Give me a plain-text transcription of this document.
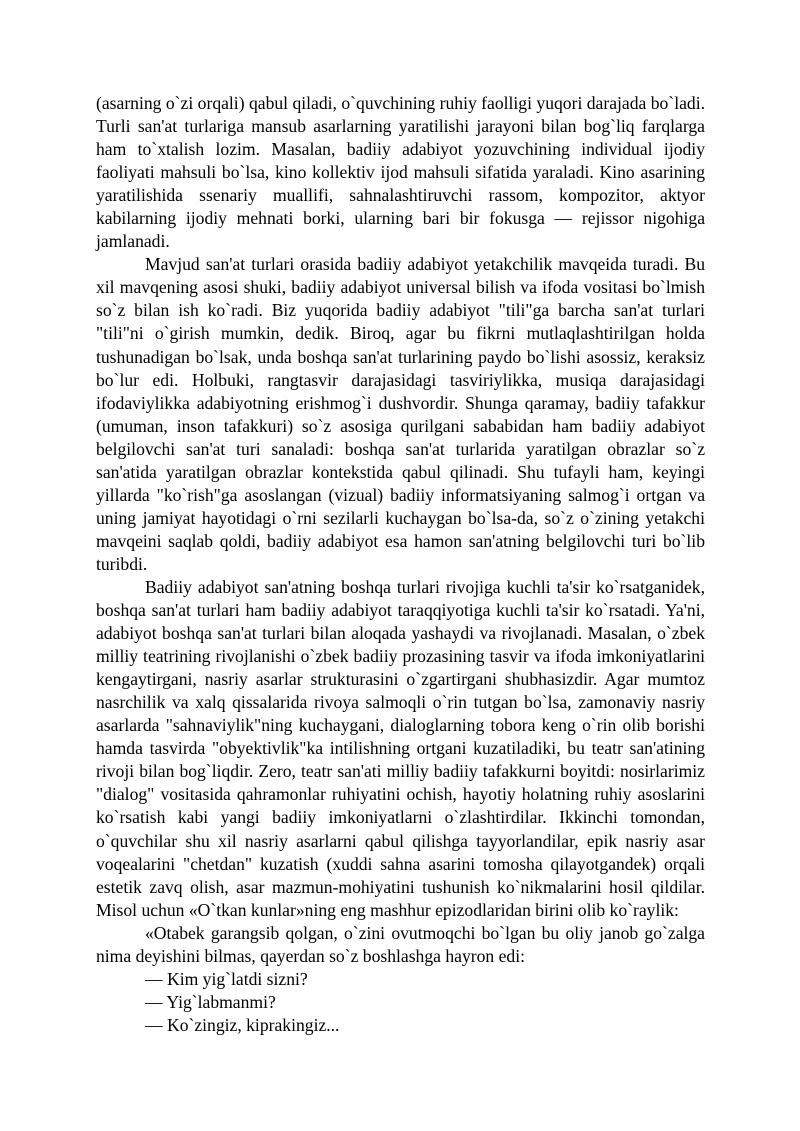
(asarning o`zi orqali) qabul qiladi, o`quvchining ruhiy faolligi yuqori darajada bo`ladi. Turli san'at turlariga mansub asarlarning yaratilishi jarayoni bilan bog`liq farqlarga ham to`xtalish lozim. Masalan, badiiy adabiyot yozuvchining individual ijodiy faoliyati mahsuli bo`lsa, kino kollektiv ijod mahsuli sifatida yaraladi. Kino asarining yaratilishida ssenariy muallifi, sahnalashtiruvchi rassom, kompozitor, aktyor kabilarning ijodiy mehnati borki, ularning bari bir fokusga — rejissor nigohiga jamlanadi.

Mavjud san'at turlari orasida badiiy adabiyot yetakchilik mavqeida turadi. Bu xil mavqening asosi shuki, badiiy adabiyot universal bilish va ifoda vositasi bo`lmish so`z bilan ish ko`radi. Biz yuqorida badiiy adabiyot "tili"ga barcha san'at turlari "tili"ni o`girish mumkin, dedik. Biroq, agar bu fikrni mutlaqlashtirilgan holda tushunadigan bo`lsak, unda boshqa san'at turlarining paydo bo`lishi asossiz, keraksiz bo`lur edi. Holbuki, rangtasvir darajasidagi tasviriylikka, musiqa darajasidagi ifodaviylikka adabiyotning erishmog`i dushvordir. Shunga qaramay, badiiy tafakkur (umuman, inson tafakkuri) so`z asosiga qurilgani sababidan ham badiiy adabiyot belgilovchi san'at turi sanaladi: boshqa san'at turlarida yaratilgan obrazlar so`z san'atida yaratilgan obrazlar kontekstida qabul qilinadi. Shu tufayli ham, keyingi yillarda "ko`rish"ga asoslangan (vizual) badiiy informatsiyaning salmog`i ortgan va uning jamiyat hayotidagi o`rni sezilarli kuchaygan bo`lsa-da, so`z o`zining yetakchi mavqeini saqlab qoldi, badiiy adabiyot esa hamon san'atning belgilovchi turi bo`lib turibdi.

Badiiy adabiyot san'atning boshqa turlari rivojiga kuchli ta'sir ko`rsatganidek, boshqa san'at turlari ham badiiy adabiyot taraqqiyotiga kuchli ta'sir ko`rsatadi. Ya'ni, adabiyot boshqa san'at turlari bilan aloqada yashaydi va rivojlanadi. Masalan, o`zbek milliy teatrining rivojlanishi o`zbek badiiy prozasining tasvir va ifoda imkoniyatlarini kengaytirgani, nasriy asarlar strukturasini o`zgartirgani shubhasizdir. Agar mumtoz nasrchilik va xalq qissalarida rivoya salmoqli o`rin tutgan bo`lsa, zamonaviy nasriy asarlarda "sahnaviylik"ning kuchaygani, dialoglarning tobora keng o`rin olib borishi hamda tasvirda "obyektivlik"ka intilishning ortgani kuzatiladiki, bu teatr san'atining rivoji bilan bog`liqdir. Zero, teatr san'ati milliy badiiy tafakkurni boyitdi: nosirlarimiz "dialog" vositasida qahramonlar ruhiyatini ochish, hayotiy holatning ruhiy asoslarini ko`rsatish kabi yangi badiiy imkoniyatlarni o`zlashtirdilar. Ikkinchi tomondan, o`quvchilar shu xil nasriy asarlarni qabul qilishga tayyorlandilar, epik nasriy asar voqealarini "chetdan" kuzatish (xuddi sahna asarini tomosha qilayotgandek) orqali estetik zavq olish, asar mazmun-mohiyatini tushunish ko`nikmalarini hosil qildilar. Misol uchun «O`tkan kunlar»ning eng mashhur epizodlaridan birini olib ko`raylik:

«Otabek garangsib qolgan, o`zini ovutmoqchi bo`lgan bu oliy janob go`zalga nima deyishini bilmas, qayerdan so`z boshlashga hayron edi:

— Kim yig`latdi sizni?

— Yig`labmanmi?

— Ko`zingiz, kiprakingiz...
